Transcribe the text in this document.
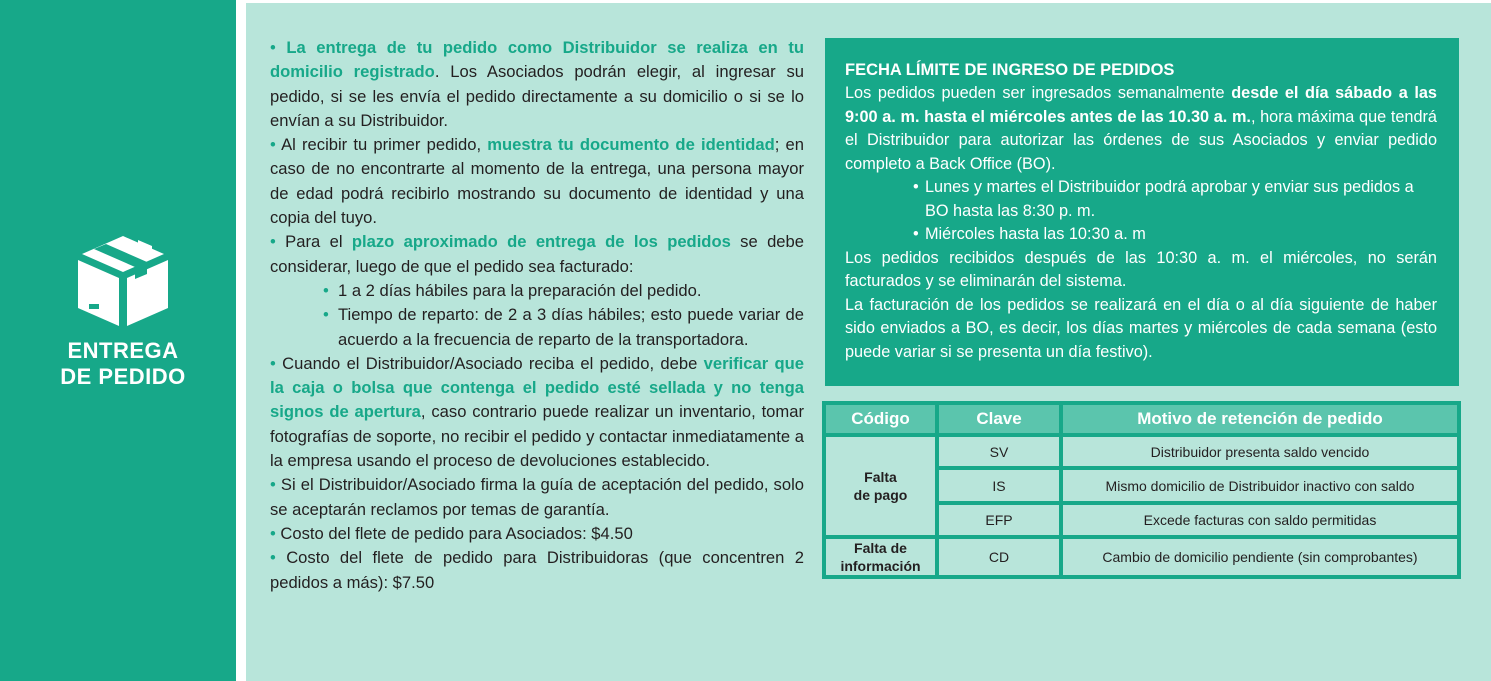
ENTREGA
DE PEDIDO

• La entrega de tu pedido como Distribuidor se realiza en tu domicilio registrado. Los Asociados podrán elegir, al ingresar su pedido, si se les envía el pedido directamente a su domicilio o si se lo envían a su Distribuidor.

• Al recibir tu primer pedido, muestra tu documento de identidad; en caso de no encontrarte al momento de la entrega, una persona mayor de edad podrá recibirlo mostrando su documento de identidad y una copia del tuyo.

• Para el plazo aproximado de entrega de los pedidos se debe considerar, luego de que el pedido sea facturado:

• 1 a 2 días hábiles para la preparación del pedido.
• Tiempo de reparto: de 2 a 3 días hábiles; esto puede variar de acuerdo a la frecuencia de reparto de la transportadora.

• Cuando el Distribuidor/Asociado reciba el pedido, debe verificar que la caja o bolsa que contenga el pedido esté sellada y no tenga signos de apertura, caso contrario puede realizar un inventario, tomar fotografías de soporte, no recibir el pedido y contactar inmediatamente a la empresa usando el proceso de devoluciones establecido.

• Si el Distribuidor/Asociado firma la guía de aceptación del pedido, solo se aceptarán reclamos por temas de garantía.

• Costo del flete de pedido para Asociados: $4.50

• Costo del flete de pedido para Distribuidoras (que concentren 2 pedidos a más): $7.50

FECHA LÍMITE DE INGRESO DE PEDIDOS

Los pedidos pueden ser ingresados semanalmente desde el día sábado a las 9:00 a. m. hasta el miércoles antes de las 10.30 a. m., hora máxima que tendrá el Distribuidor para autorizar las órdenes de sus Asociados y enviar pedido completo a Back Office (BO).

• Lunes y martes el Distribuidor podrá aprobar y enviar sus pedidos a BO hasta las 8:30 p. m.
• Miércoles hasta las 10:30 a. m

Los pedidos recibidos después de las 10:30 a. m. el miércoles, no serán facturados y se eliminarán del sistema.

La facturación de los pedidos se realizará en el día o al día siguiente de haber sido enviados a BO, es decir, los días martes y miércoles de cada semana (esto puede variar si se presenta un día festivo).

Código	Clave	Motivo de retención de pedido
Falta
de pago	SV	Distribuidor presenta saldo vencido
	IS	Mismo domicilio de Distribuidor inactivo con saldo
	EFP	Excede facturas con saldo permitidas
Falta de
información	CD	Cambio de domicilio pendiente (sin comprobantes)
